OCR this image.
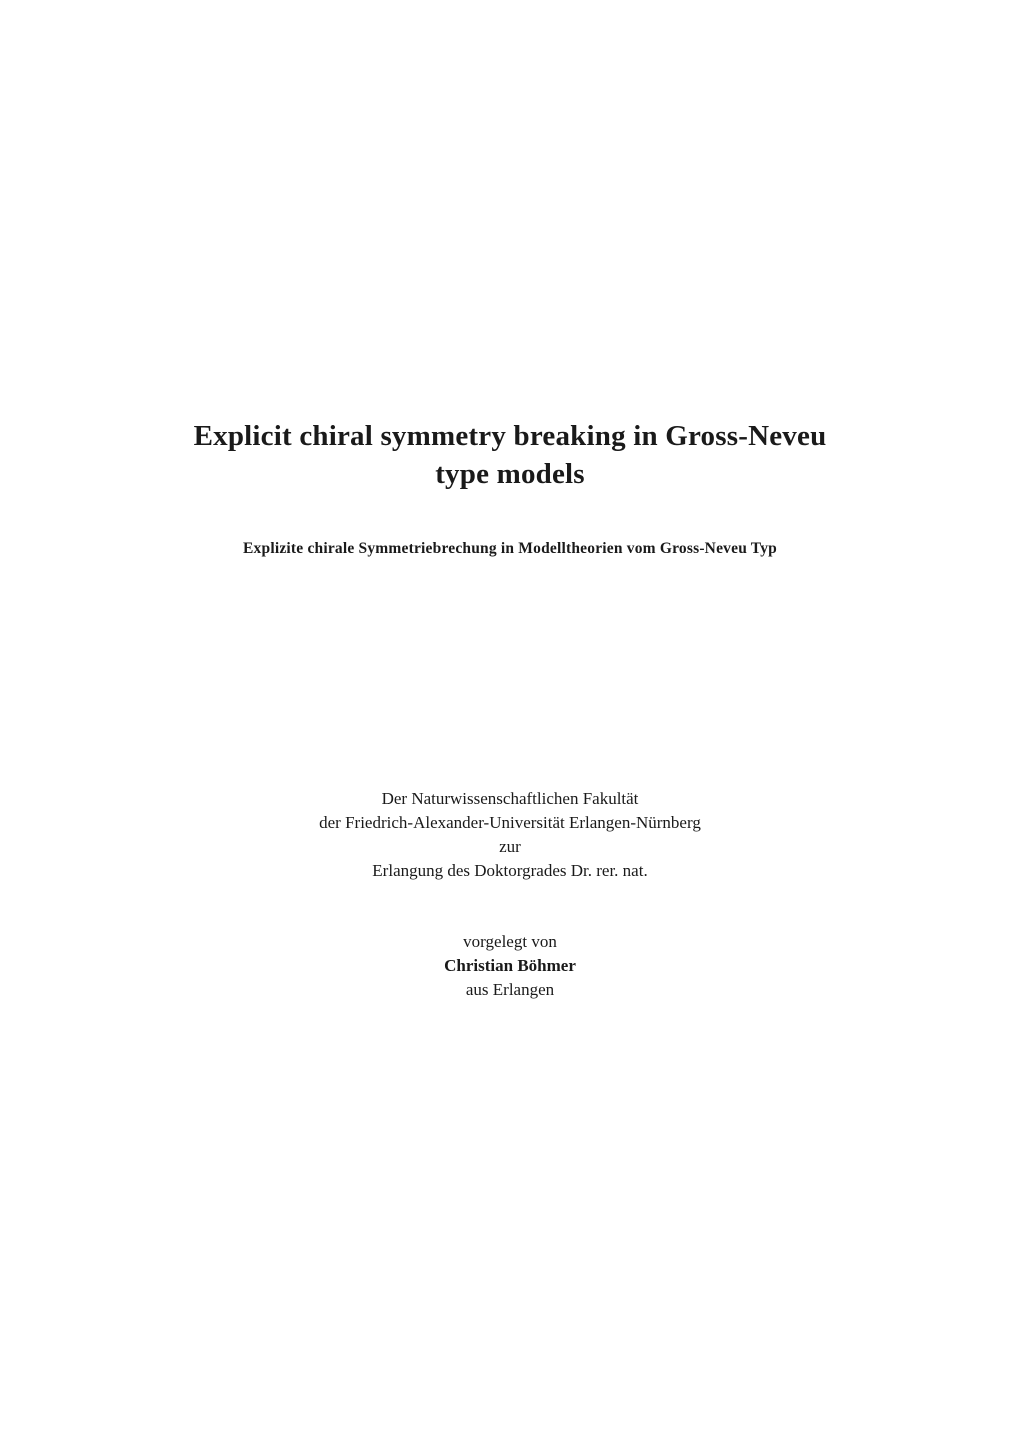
Explicit chiral symmetry breaking in Gross-Neveu
type models
Explizite chirale Symmetriebrechung in Modelltheorien vom Gross-Neveu Typ
Der Naturwissenschaftlichen Fakultät
der Friedrich-Alexander-Universität Erlangen-Nürnberg
zur
Erlangung des Doktorgrades Dr. rer. nat.
vorgelegt von
Christian Böhmer
aus Erlangen
